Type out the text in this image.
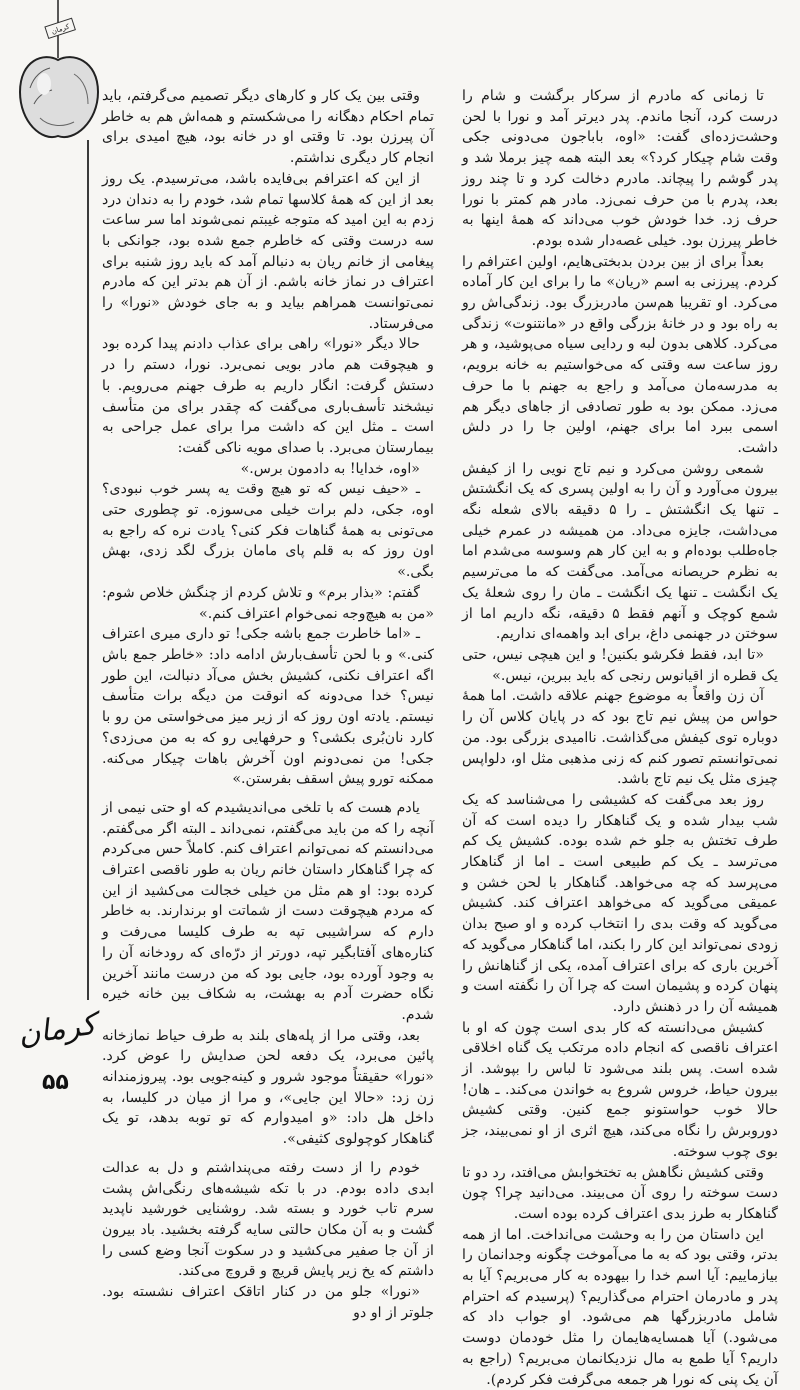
کرمان

تا زمانی که مادرم از سرکار برگشت و شام را درست کرد، آنجا ماندم. پدر دیرتر آمد و نورا با لحن وحشت‌زده‌ای گفت: «اوه، بابا‌جون می‌دونی جکی وقت شام چیکار کرد؟» بعد البته همه چیز برملا شد و پدر گوشم را پیچاند. مادرم دخالت کرد و تا چند روز بعد، پدرم با من حرف نمی‌زد. مادر هم کمتر با نورا حرف زد. خدا خودش خوب می‌داند که همهٔ اینها به خاطر پیرزن بود. خیلی غصه‌دار شده بودم.

بعداً برای از بین بردن بدبختی‌هایم، اولین اعترافم را کردم. پیرزنی به اسم «ریان» ما را برای این کار آماده می‌کرد. او تقریبا هم‌سن مادربزرگ بود. زندگی‌اش رو به راه بود و در خانهٔ بزرگی واقع در «مانتنوت» زندگی می‌کرد. کلاهی بدون لبه و ردایی سیاه می‌پوشید، و هر روز ساعت سه وقتی که می‌خواستیم به خانه برویم، به مدرسه‌مان می‌آمد و راجع به جهنم با ما حرف می‌زد. ممکن بود به طور تصادفی از جاهای دیگر هم اسمی ببرد اما برای جهنم، اولین جا را در دلش داشت.

شمعی روشن می‌کرد و نیم تاج نویی را از کیفش بیرون می‌آورد و آن را به اولین پسری که یک انگشتش ـ تنها یک انگشتش ـ را ۵ دقیقه بالای شعله نگه می‌داشت، جایزه می‌داد. من همیشه در عمرم خیلی جاه‌طلب بوده‌ام و به این کار هم وسوسه می‌شدم اما به نظرم حریصانه می‌آمد. می‌گفت که ما می‌ترسیم یک انگشت ـ تنها یک انگشت ـ مان را روی شعلهٔ یک شمع کوچک و آنهم فقط ۵ دقیقه، نگه داریم اما از سوختن در جهنمی داغ، برای ابد واهمه‌ای نداریم.

«تا ابد، فقط فکرشو بکنین! و این هیچی نیس، حتی یک قطره از اقیانوس رنجی که باید ببرین، نیس.»

آن زن واقعاً به موضوع جهنم علاقه داشت. اما همهٔ حواس من پیش نیم تاج بود که در پایان کلاس آن را دوباره توی کیفش می‌گذاشت. ناامیدی بزرگی بود. من نمی‌توانستم تصور کنم که زنی مذهبی مثل او، دلواپس چیزی مثل یک نیم تاج باشد.

روز بعد می‌گفت که کشیشی را می‌شناسد که یک شب بیدار شده و یک گناهکار را دیده است که آن طرف تختش به جلو خم شده بوده. کشیش یک کم می‌ترسد ـ یک کم طبیعی است ـ اما از گناهکار می‌پرسد که چه می‌خواهد. گناهکار با لحن خشن و عمیقی می‌گوید که می‌خواهد اعتراف کند. کشیش می‌گوید که وقت بدی را انتخاب کرده و او صبح بدان زودی نمی‌تواند این کار را بکند، اما گناهکار می‌گوید که آخرین باری که برای اعتراف آمده، یکی از گناهانش را پنهان کرده و پشیمان است که چرا آن را نگفته است و همیشه آن را در ذهنش دارد.

کشیش می‌دانسته که کار بدی است چون که او با اعتراف ناقصی که انجام داده مرتکب یک گناه اخلاقی شده است. پس بلند می‌شود تا لباس را بپوشد. از بیرون حیاط، خروس شروع به خواندن می‌کند. ـ هان! حالا خوب حواستونو جمع کنین. وقتی کشیش دوروبرش را نگاه می‌کند، هیچ اثری از او نمی‌بیند، جز بوی چوب سوخته.

وقتی کشیش نگاهش به تختخوابش می‌افتد، رد دو تا دست سوخته را روی آن می‌بیند. می‌دانید چرا؟ چون گناهکار به طرز بدی اعتراف کرده بوده است.

این داستان من را به وحشت می‌انداخت. اما از همه بدتر، وقتی بود که به ما می‌آموخت چگونه وجدانمان را بیازماییم: آیا اسم خدا را بیهوده به کار می‌بریم؟ آیا به پدر و مادرمان احترام می‌گذاریم؟ (پرسیدم که احترام شامل مادربزرگها هم می‌شود. او جواب داد که می‌شود.) آیا همسایه‌هایمان را مثل خودمان دوست داریم؟ آیا طمع به مال نزدیکانمان می‌بریم؟ (راجع به آن یک پنی که نورا هر جمعه می‌گرفت فکر کردم).

وقتی بین یک کار و کارهای دیگر تصمیم می‌گرفتم، باید تمام احکام دهگانه را می‌شکستم و همه‌اش هم به خاطر آن پیرزن بود. تا وقتی او در خانه بود، هیچ امیدی برای انجام کار دیگری نداشتم.

از این که اعترافم بی‌فایده باشد، می‌ترسیدم. یک روز بعد از این که همهٔ کلاسها تمام شد، خودم را به دندان درد زدم به این امید که متوجه غیبتم نمی‌شوند اما سر ساعت سه درست وقتی که خاطرم جمع شده بود، جوانکی با پیغامی از خانم ریان به دنبالم آمد که باید روز شنبه برای اعتراف در نماز خانه باشم. از آن هم بدتر این که مادرم نمی‌توانست همراهم بیاید و به جای خودش «نورا» را می‌فرستاد.

حالا دیگر «نورا» راهی برای عذاب دادنم پیدا کرده بود و هیچوقت هم مادر بویی نمی‌برد. نورا، دستم را در دستش گرفت: انگار داریم به طرف جهنم می‌رویم. با نیشخند تأسف‌باری می‌گفت که چقدر برای من متأسف است ـ مثل این که داشت مرا برای عمل جراحی به بیمارستان می‌برد. با صدای مویه ناکی گفت:

«اوه، خدایا! به دادمون برس.»

ـ «حیف نیس که تو هیچ وقت یه پسر خوب نبودی؟ اوه، جکی، دلم برات خیلی می‌سوزه. تو چطوری حتی می‌تونی به همهٔ گناهات فکر کنی؟ یادت نره که راجع به اون روز که به قلم پای مامان بزرگ لگد زدی، بهش بگی.»

گفتم: «بذار برم» و تلاش کردم از چنگش خلاص شوم: «من به هیچ‌وجه نمی‌خوام اعتراف کنم.»

ـ «اما خاطرت جمع باشه جکی! تو داری میری اعتراف کنی.» و با لحن تأسف‌بارش ادامه داد: «خاطر جمع باش اگه اعتراف نکنی، کشیش بخش می‌آد دنبالت، این طور نیس؟ خدا می‌دونه که انوقت من دیگه برات متأسف نیستم. یادته اون روز که از زیر میز می‌خواستی من رو با کارد نان‌بُری بکشی؟ و حرفهایی رو که به من می‌زدی؟ جکی! من نمی‌دونم اون آخرش باهات چیکار می‌کنه. ممکنه تورو پیش اسقف بفرستن.»

یادم هست که با تلخی می‌اندیشیدم که او حتی نیمی از آنچه را که من باید می‌گفتم، نمی‌داند ـ البته اگر می‌گفتم. می‌دانستم که نمی‌توانم اعتراف کنم. کاملاً حس می‌کردم که چرا گناهکار داستان خانم ریان به طور ناقصی اعتراف کرده بود: او هم مثل من خیلی خجالت می‌کشید از این که مردم هیچوقت دست از شماتت او برندارند. به خاطر دارم که سراشیبی تپه به طرف کلیسا می‌رفت و کناره‌های آفتابگیر تپه، دورتر از درّه‌ای که رودخانه آن را به وجود آورده بود، جایی بود که من درست مانند آخرین نگاه حضرت آدم به بهشت، به شکاف بین خانه خیره شدم.

بعد، وقتی مرا از پله‌های بلند به طرف حیاط نمازخانه پائین می‌برد، یک دفعه لحن صدایش را عوض کرد. «نورا» حقیقتاً موجود شرور و کینه‌جویی بود. پیروزمندانه زن زد: «حالا این جایی»، و مرا از میان در کلیسا، به داخل هل داد: «و امیدوارم که تو توبه بدهد، تو یک گناهکار کوچولوی کثیفی».

خودم را از دست رفته می‌پنداشتم و دل به عدالت ابدی داده بودم. در با تکه شیشه‌های رنگی‌اش پشت سرم تاب خورد و بسته شد. روشنایی خورشید ناپدید گشت و به آن مکان حالتی سایه گرفته بخشید. باد بیرون از آن جا صفیر می‌کشید و در سکوت آنجا وضع کسی را داشتم که یخ زیر پایش قریچ و قروچ می‌کند.

«نورا» جلو من در کنار اتاقک اعتراف نشسته بود. جلوتر از او دو

کرمان
۵۵
